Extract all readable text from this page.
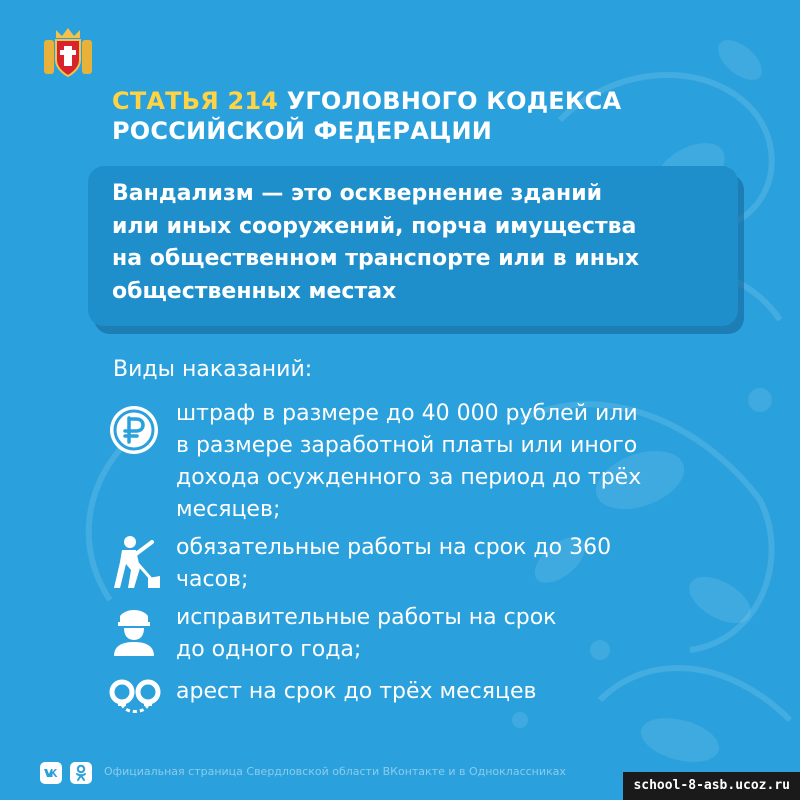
СТАТЬЯ 214 УГОЛОВНОГО КОДЕКСА
РОССИЙСКОЙ ФЕДЕРАЦИИ
Вандализм — это осквернение зданий
или иных сооружений, порча имущества
на общественном транспорте или в иных
общественных местах
Виды наказаний:
штраф в размере до 40 000 рублей или
в размере заработной платы или иного
дохода осужденного за период до трёх
месяцев;
обязательные работы на срок до 360
часов;
исправительные работы на срок
до одного года;
арест на срок до трёх месяцев
Официальная страница Свердловской области ВКонтакте и в Одноклассниках
school-8-asb.ucoz.ru
